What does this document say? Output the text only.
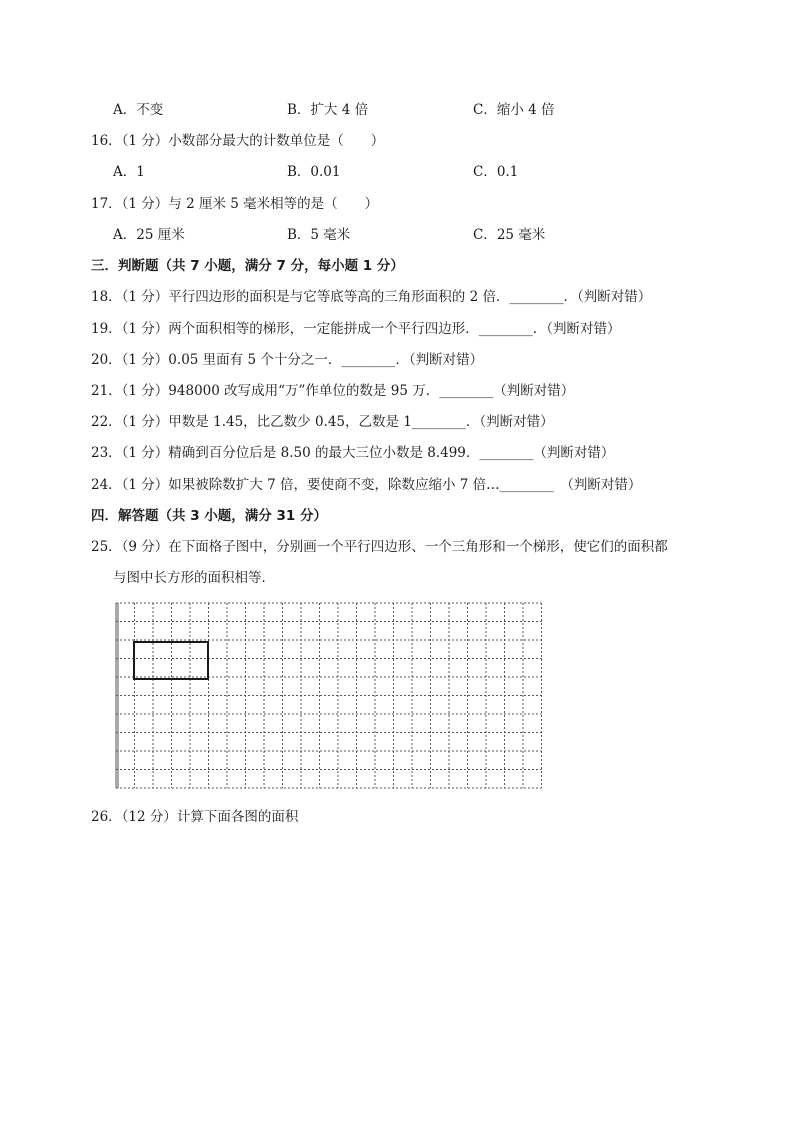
A．不变	B．扩大 4 倍	C．缩小 4 倍
16．（1 分）小数部分最大的计数单位是（　　）
A．1	B．0.01	C．0.1
17．（1 分）与 2 厘米 5 毫米相等的是（　　）
A．25 厘米	B．5 毫米	C．25 毫米
三．判断题（共 7 小题，满分 7 分，每小题 1 分）
18．（1 分）平行四边形的面积是与它等底等高的三角形面积的 2 倍．________．（判断对错）
19．（1 分）两个面积相等的梯形，一定能拼成一个平行四边形．________．（判断对错）
20．（1 分）0.05 里面有 5 个十分之一．________．（判断对错）
21．（1 分）948000 改写成用“万”作单位的数是 95 万．________（判断对错）
22．（1 分）甲数是 1.45，比乙数少 0.45，乙数是 1________．（判断对错）
23．（1 分）精确到百分位后是 8.50 的最大三位小数是 8.499．________（判断对错）
24．（1 分）如果被除数扩大 7 倍，要使商不变，除数应缩小 7 倍…________　（判断对错）
四．解答题（共 3 小题，满分 31 分）
25．（9 分）在下面格子图中，分别画一个平行四边形、一个三角形和一个梯形，使它们的面积都
与图中长方形的面积相等．
26．（12 分）计算下面各图的面积
